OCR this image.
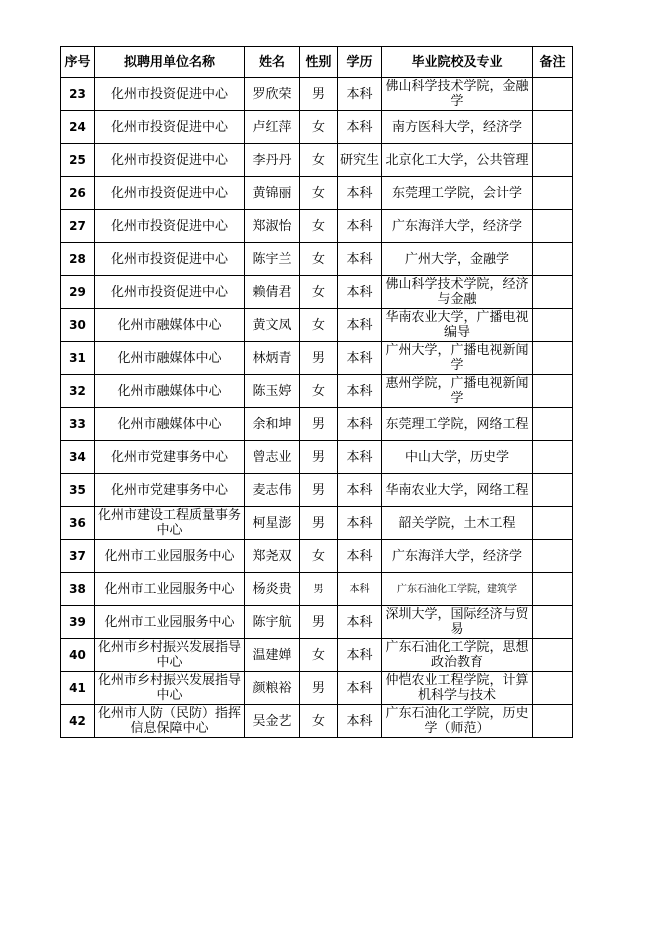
序号	拟聘用单位名称	姓名	性别	学历	毕业院校及专业	备注
23	化州市投资促进中心	罗欣荣	男	本科	佛山科学技术学院，金融学	
24	化州市投资促进中心	卢红萍	女	本科	南方医科大学，经济学	
25	化州市投资促进中心	李丹丹	女	研究生	北京化工大学，公共管理	
26	化州市投资促进中心	黄锦丽	女	本科	东莞理工学院，会计学	
27	化州市投资促进中心	郑淑怡	女	本科	广东海洋大学，经济学	
28	化州市投资促进中心	陈宇兰	女	本科	广州大学，金融学	
29	化州市投资促进中心	赖倩君	女	本科	佛山科学技术学院，经济与金融	
30	化州市融媒体中心	黄文凤	女	本科	华南农业大学，广播电视编导	
31	化州市融媒体中心	林炳青	男	本科	广州大学，广播电视新闻学	
32	化州市融媒体中心	陈玉婷	女	本科	惠州学院，广播电视新闻学	
33	化州市融媒体中心	余和坤	男	本科	东莞理工学院，网络工程	
34	化州市党建事务中心	曾志业	男	本科	中山大学，历史学	
35	化州市党建事务中心	麦志伟	男	本科	华南农业大学，网络工程	
36	化州市建设工程质量事务中心	柯星澎	男	本科	韶关学院，土木工程	
37	化州市工业园服务中心	郑尧双	女	本科	广东海洋大学，经济学	
38	化州市工业园服务中心	杨炎贵	男	本科	广东石油化工学院，建筑学	
39	化州市工业园服务中心	陈宇航	男	本科	深圳大学，国际经济与贸易	
40	化州市乡村振兴发展指导中心	温建婵	女	本科	广东石油化工学院，思想政治教育	
41	化州市乡村振兴发展指导中心	颜粮裕	男	本科	仲恺农业工程学院，计算机科学与技术	
42	化州市人防（民防）指挥信息保障中心	吴金艺	女	本科	广东石油化工学院，历史学（师范）	
